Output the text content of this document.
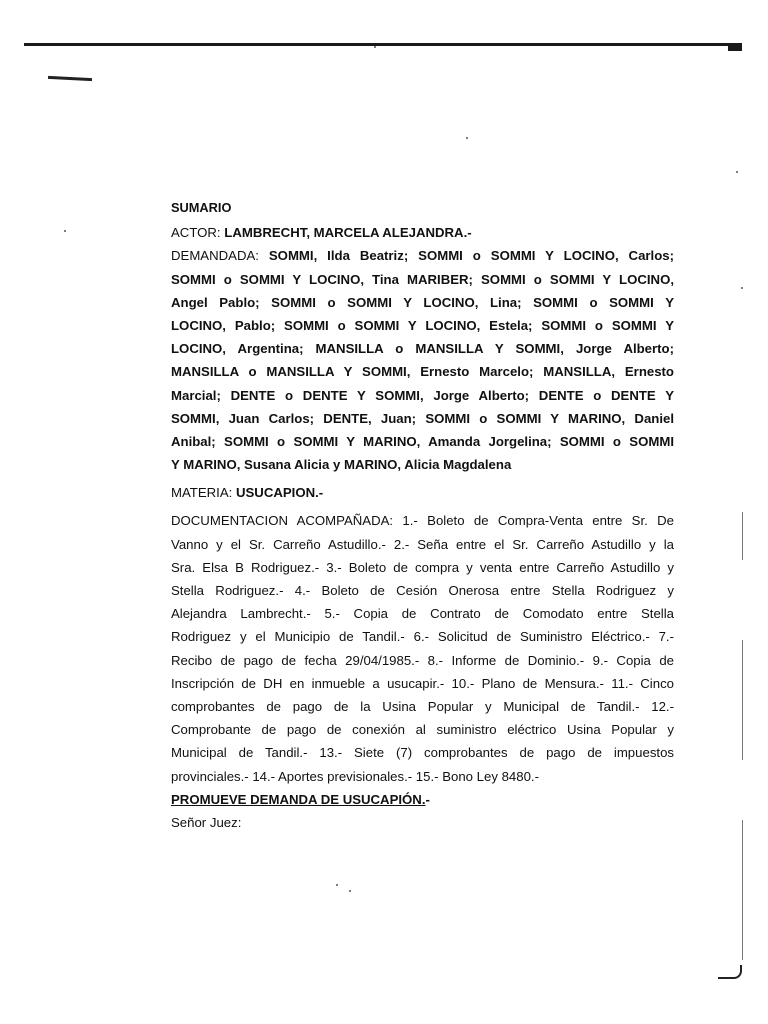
SUMARIO
ACTOR: LAMBRECHT, MARCELA ALEJANDRA.-
DEMANDADA: SOMMI, Ilda Beatriz; SOMMI o SOMMI Y LOCINO, Carlos;
SOMMI o SOMMI Y LOCINO, Tina MARIBER; SOMMI o SOMMI Y LOCINO,
Angel Pablo; SOMMI o SOMMI Y LOCINO, Lina; SOMMI o SOMMI Y
LOCINO, Pablo; SOMMI o SOMMI Y LOCINO, Estela; SOMMI o SOMMI Y
LOCINO, Argentina; MANSILLA o MANSILLA Y SOMMI, Jorge Alberto;
MANSILLA o MANSILLA Y SOMMI, Ernesto Marcelo; MANSILLA, Ernesto
Marcial; DENTE o DENTE Y SOMMI, Jorge Alberto; DENTE o DENTE Y
SOMMI, Juan Carlos; DENTE, Juan; SOMMI o SOMMI Y MARINO, Daniel
Anibal; SOMMI o SOMMI Y MARINO, Amanda Jorgelina; SOMMI o SOMMI
Y MARINO, Susana Alicia y MARINO, Alicia Magdalena
MATERIA: USUCAPION.-
DOCUMENTACION ACOMPAÑADA: 1.- Boleto de Compra-Venta entre Sr. De
Vanno y el Sr. Carreño Astudillo.- 2.- Seña entre el Sr. Carreño Astudillo y la
Sra. Elsa B Rodriguez.- 3.- Boleto de compra y venta entre Carreño Astudillo y
Stella Rodriguez.- 4.- Boleto de Cesión Onerosa entre Stella Rodriguez y
Alejandra Lambrecht.- 5.- Copia de Contrato de Comodato entre Stella
Rodriguez y el Municipio de Tandil.- 6.- Solicitud de Suministro Eléctrico.- 7.-
Recibo de pago de fecha 29/04/1985.- 8.- Informe de Dominio.- 9.- Copia de
Inscripción de DH en inmueble a usucapir.- 10.- Plano de Mensura.- 11.- Cinco
comprobantes de pago de la Usina Popular y Municipal de Tandil.- 12.-
Comprobante de pago de conexión al suministro eléctrico Usina Popular y
Municipal de Tandil.- 13.- Siete (7) comprobantes de pago de impuestos
provinciales.- 14.- Aportes previsionales.- 15.- Bono Ley 8480.-
PROMUEVE DEMANDA DE USUCAPIÓN.-
Señor Juez:
